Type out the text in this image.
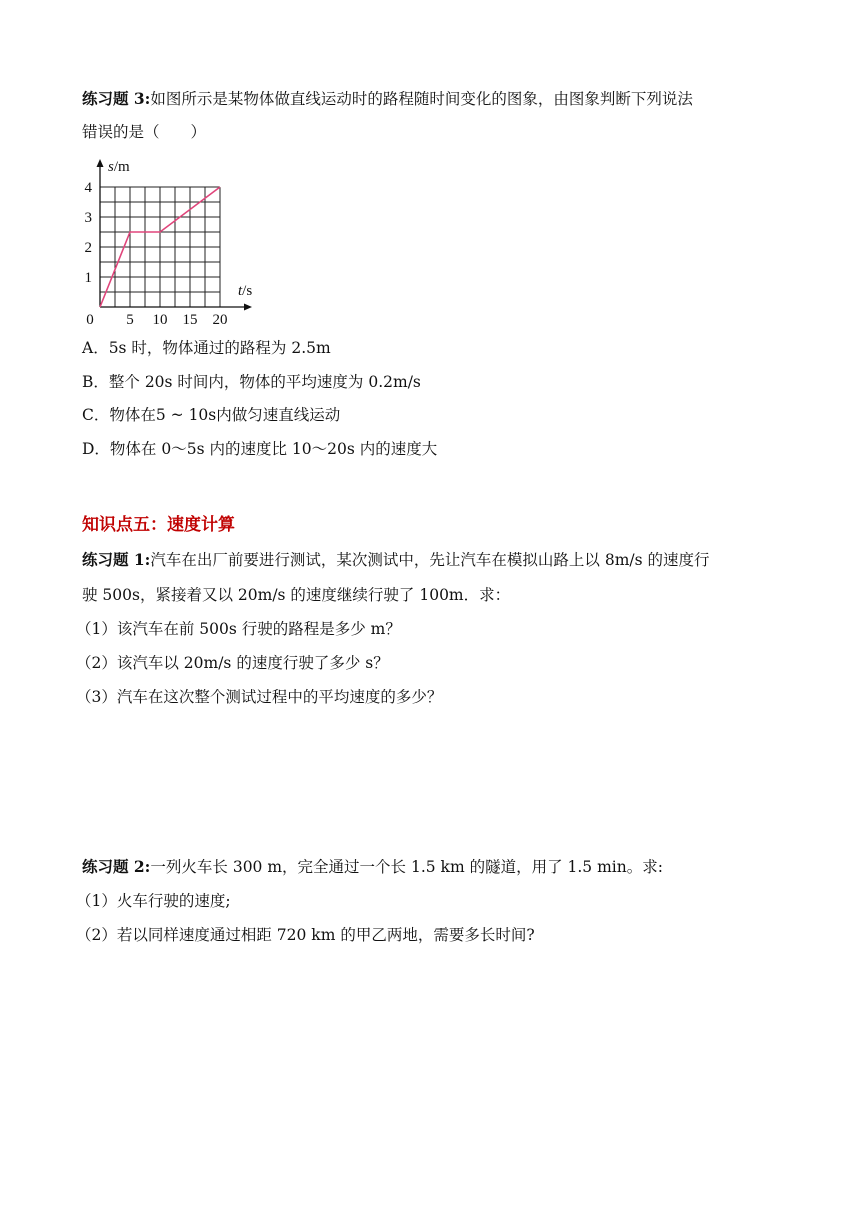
练习题 3:如图所示是某物体做直线运动时的路程随时间变化的图象，由图象判断下列说法
错误的是（　　）
5 10 15 20
1
2
3
4
s/m
t/s
0
A．5s 时，物体通过的路程为 2.5m
B．整个 20s 时间内，物体的平均速度为 0.2m/s
C．物体在5 ~ 10s内做匀速直线运动
D．物体在 0～5s 内的速度比 10～20s 内的速度大
知识点五：速度计算
练习题 1:汽车在出厂前要进行测试，某次测试中，先让汽车在模拟山路上以 8m/s 的速度行
驶 500s，紧接着又以 20m/s 的速度继续行驶了 100m．求：
（1）该汽车在前 500s 行驶的路程是多少 m？
（2）该汽车以 20m/s 的速度行驶了多少 s？
（3）汽车在这次整个测试过程中的平均速度的多少？
练习题 2:一列火车长 300 m，完全通过一个长 1.5 km 的隧道，用了 1.5 min。求:
（1）火车行驶的速度;
（2）若以同样速度通过相距 720 km 的甲乙两地，需要多长时间?
